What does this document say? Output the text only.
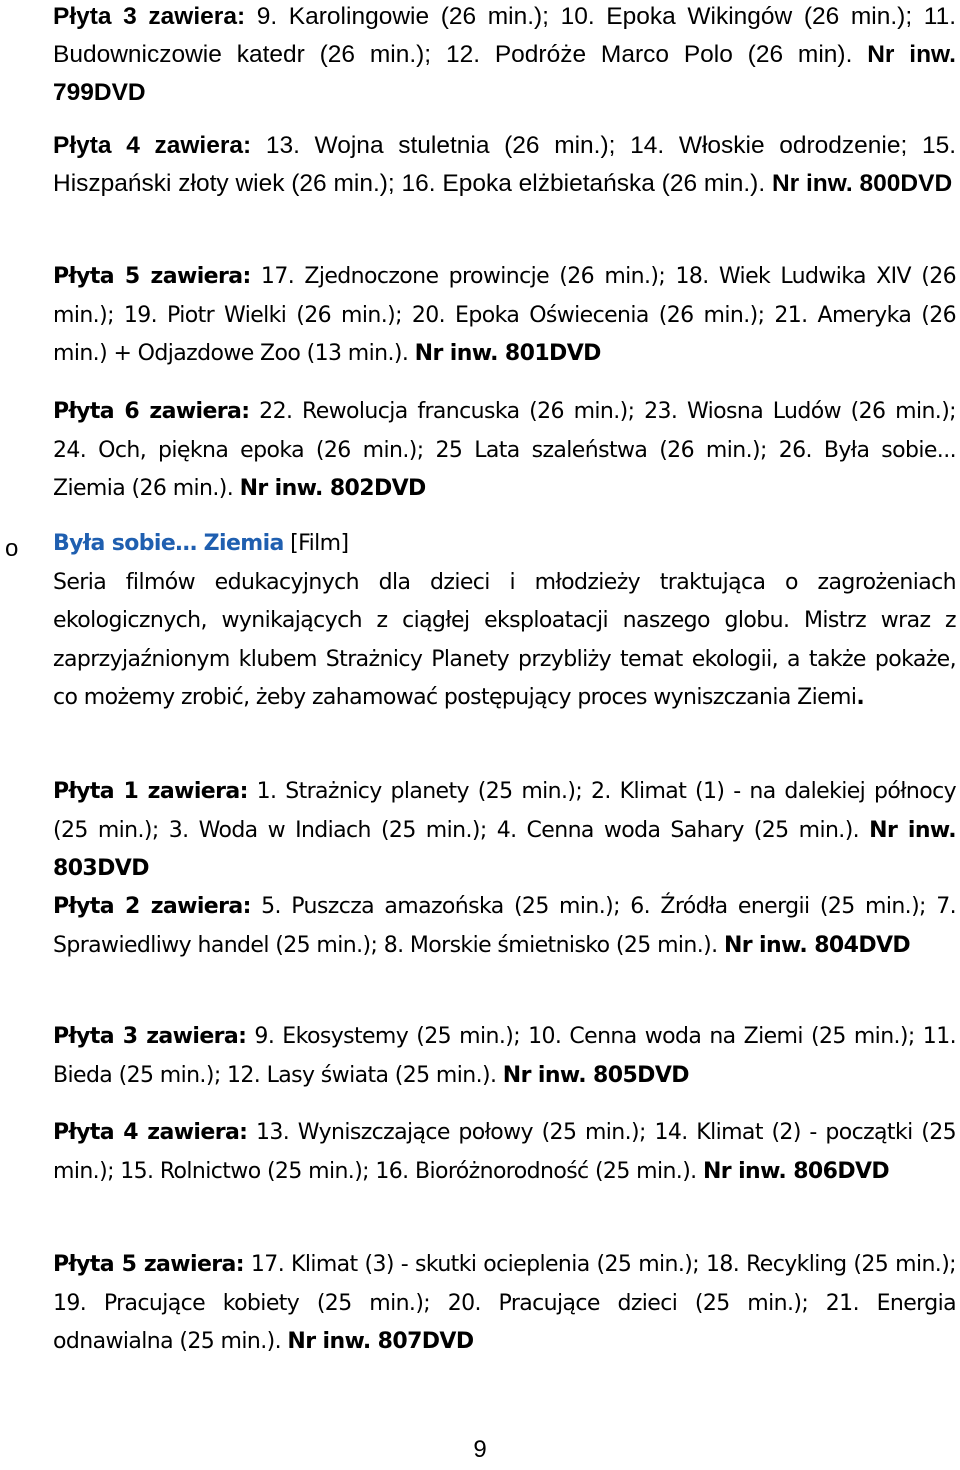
Płyta 3 zawiera: 9. Karolingowie (26 min.); 10. Epoka Wikingów (26 min.); 11. Budowniczowie katedr (26 min.); 12. Podróże Marco Polo (26 min). Nr inw. 799DVD

Płyta 4 zawiera: 13. Wojna stuletnia (26 min.); 14. Włoskie odrodzenie; 15. Hiszpański złoty wiek (26 min.); 16. Epoka elżbietańska (26 min.). Nr inw. 800DVD

Płyta 5 zawiera: 17. Zjednoczone prowincje (26 min.); 18. Wiek Ludwika XIV (26 min.); 19. Piotr Wielki (26 min.); 20. Epoka Oświecenia (26 min.); 21. Ameryka (26 min.) + Odjazdowe Zoo (13 min.). Nr inw. 801DVD

Płyta 6 zawiera: 22. Rewolucja francuska (26 min.); 23. Wiosna Ludów (26 min.); 24. Och, piękna epoka (26 min.); 25 Lata szaleństwa (26 min.); 26. Była sobie... Ziemia (26 min.). Nr inw. 802DVD

o Była sobie… Ziemia [Film]
Seria filmów edukacyjnych dla dzieci i młodzieży traktująca o zagrożeniach ekologicznych, wynikających z ciągłej eksploatacji naszego globu. Mistrz wraz z zaprzyjaźnionym klubem Strażnicy Planety przybliży temat ekologii, a także pokaże, co możemy zrobić, żeby zahamować postępujący proces wyniszczania Ziemi.

Płyta 1 zawiera: 1. Strażnicy planety (25 min.); 2. Klimat (1) - na dalekiej północy (25 min.); 3. Woda w Indiach (25 min.); 4. Cenna woda Sahary (25 min.). Nr inw. 803DVD

Płyta 2 zawiera: 5. Puszcza amazońska (25 min.); 6. Źródła energii (25 min.); 7. Sprawiedliwy handel (25 min.); 8. Morskie śmietnisko (25 min.). Nr inw. 804DVD

Płyta 3 zawiera: 9. Ekosystemy (25 min.); 10. Cenna woda na Ziemi (25 min.); 11. Bieda (25 min.); 12. Lasy świata (25 min.). Nr inw. 805DVD

Płyta 4 zawiera: 13. Wyniszczające połowy (25 min.); 14. Klimat (2) - początki (25 min.); 15. Rolnictwo (25 min.); 16. Bioróżnorodność (25 min.). Nr inw. 806DVD

Płyta 5 zawiera: 17. Klimat (3) - skutki ocieplenia (25 min.); 18. Recykling (25 min.); 19. Pracujące kobiety (25 min.); 20. Pracujące dzieci (25 min.); 21. Energia odnawialna (25 min.). Nr inw. 807DVD

9
